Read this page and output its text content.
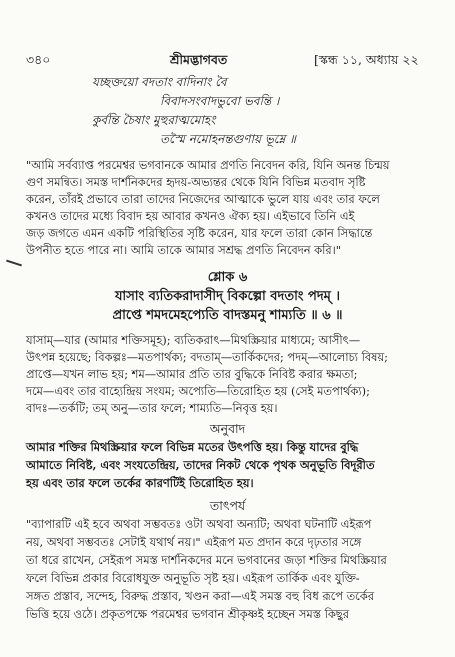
৩৪০	শ্রীমদ্ভাগবত	[স্কন্ধ ১১, অধ্যায় ২২
যচ্ছক্তয়ো বদতাং বাদিনাং বৈ
বিবাদসংবাদভুবো ভবন্তি ।
কুর্বন্তি চৈষাং মুহুরাত্মমোহং
তস্মৈ নমোহনন্তগুণায় ভূম্নে ॥
"আমি সর্বব্যাপ্ত পরমেশ্বর ভগবানকে আমার প্রণতি নিবেদন করি, যিনি অনন্ত চিন্ময়
গুণ সমন্বিত। সমস্ত দার্শনিকদের হৃদয়-অভ্যন্তর থেকে যিনি বিভিন্ন মতবাদ সৃষ্টি
করেন, তাঁরই প্রভাবে তারা তাদের নিজেদের আত্মাকে ভুলে যায় এবং তার ফলে
কখনও তাদের মধ্যে বিবাদ হয় আবার কখনও ঐক্য হয়। এইভাবে তিনি এই
জড় জগতে এমন একটি পরিস্থিতির সৃষ্টি করেন, যার ফলে তারা কোন সিদ্ধান্তে
উপনীত হতে পারে না। আমি তাকে আমার সশ্রদ্ধ প্রণতি নিবেদন করি।"
শ্লোক ৬
যাসাং ব্যতিকরাদাসীদ্ বিকল্পো বদতাং পদম্ ।
প্রাপ্তে শমদমেহপ্যেতি বাদস্তমনু শাম্যতি ॥ ৬ ॥
যাসাম্—যার (আমার শক্তিসমূহ); ব্যতিকরাৎ—মিথস্ক্রিয়ার মাধ্যমে; আসীৎ—
উৎপন্ন হয়েছে; বিকল্পঃ—মতপার্থক্য; বদতাম্—তার্কিকদের; পদম্—আলোচ্য বিষয়;
প্রাপ্তে—যখন লাভ হয়; শম—আমার প্রতি তার বুদ্ধিকে নিবিষ্ট করার ক্ষমতা;
দমে—এবং তার বাহ্যেন্দ্রিয় সংযম; অপ্যেতি—তিরোহিত হয় (সেই মতপার্থক্য);
বাদঃ—তর্কটি; তম্ অনু—তার ফলে; শাম্যতি—নিবৃত্ত হয়।
অনুবাদ
আমার শক্তির মিথস্ক্রিয়ার ফলে বিভিন্ন মতের উৎপত্তি হয়। কিন্তু যাদের বুদ্ধি
আমাতে নিবিষ্ট, এবং সংযতেন্দ্রিয়, তাদের নিকট থেকে পৃথক অনুভূতি বিদূরীত
হয় এবং তার ফলে তর্কের কারণটিই তিরোহিত হয়।
তাৎপর্য
"ব্যাপারটি এই হবে অথবা সম্ভবতঃ ওটা অথবা অন্যটি; অথবা ঘটনাটি এইরূপ
নয়, অথবা সম্ভবতঃ সেটাই যথার্থ নয়।" এইরূপ মত প্রদান করে দৃঢ়তার সঙ্গে
তা ধরে রাখেন, সেইরূপ সমস্ত দার্শনিকদের মনে ভগবানের জড়া শক্তির মিথস্ক্রিয়ার
ফলে বিভিন্ন প্রকার বিরোধযুক্ত অনুভূতি সৃষ্ট হয়। এইরূপ তার্কিক এবং যুক্তি-
সঙ্গত প্রস্তাব, সন্দেহ, বিরুদ্ধ প্রস্তাব, খণ্ডন করা—এই সমস্ত বহু বিধ রূপে তর্কের
ভিত্তি হয়ে ওঠে। প্রকৃতপক্ষে পরমেশ্বর ভগবান শ্রীকৃষ্ণই হচ্ছেন সমস্ত কিছুর
